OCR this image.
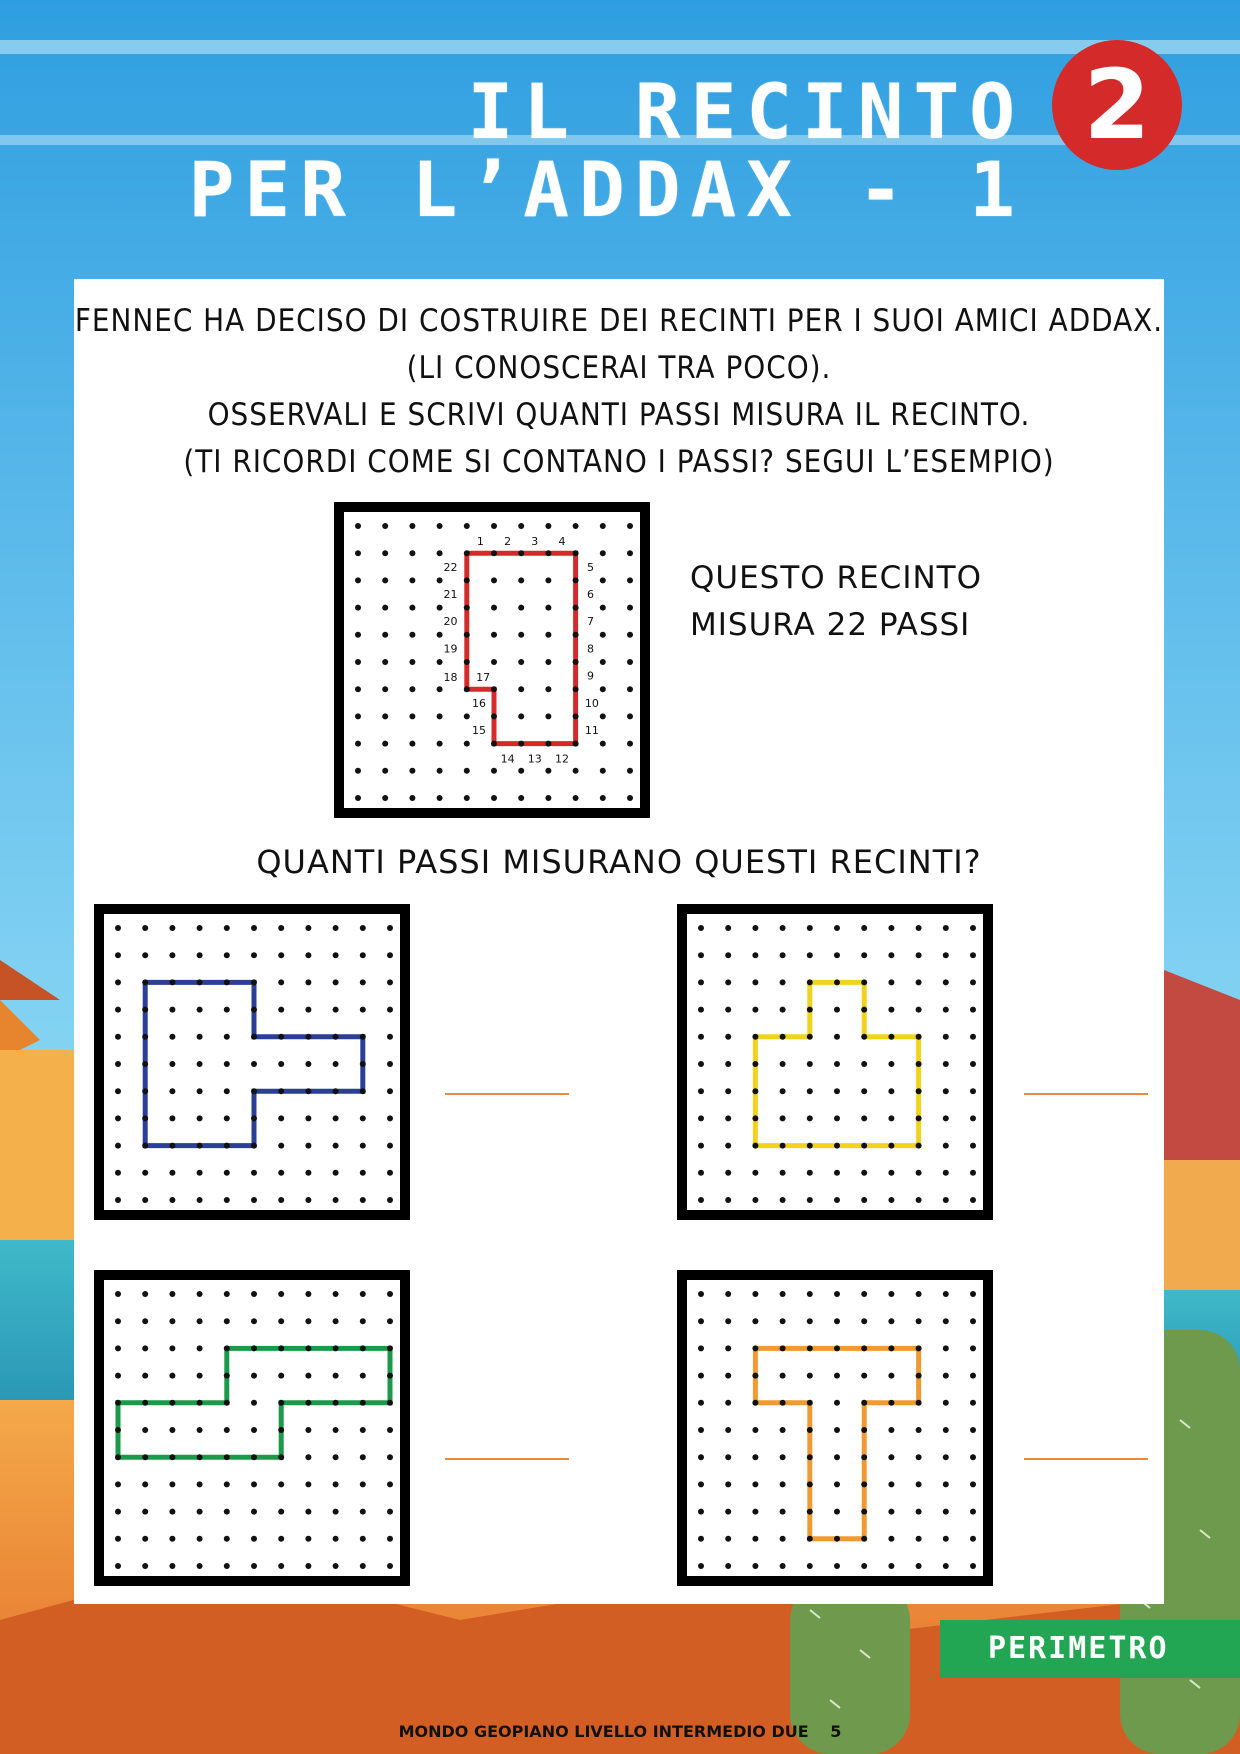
IL RECINTO
PER L’ADDAX - 1
2
FENNEC HA DECISO DI COSTRUIRE DEI RECINTI PER I SUOI AMICI ADDAX.
(LI CONOSCERAI TRA POCO).
OSSERVALI E SCRIVI QUANTI PASSI MISURA IL RECINTO.
(TI RICORDI COME SI CONTANO I PASSI? SEGUI L’ESEMPIO)
1 2 3 4
5
6
7
8
9
10
11
12
13
14
15
16
17
18
19
20
21
22	QUESTO RECINTO
MISURA 22 PASSI
QUANTI PASSI MISURANO QUESTI RECINTI?
PERIMETRO
MONDO GEOPIANO LIVELLO INTERMEDIO DUE 5
